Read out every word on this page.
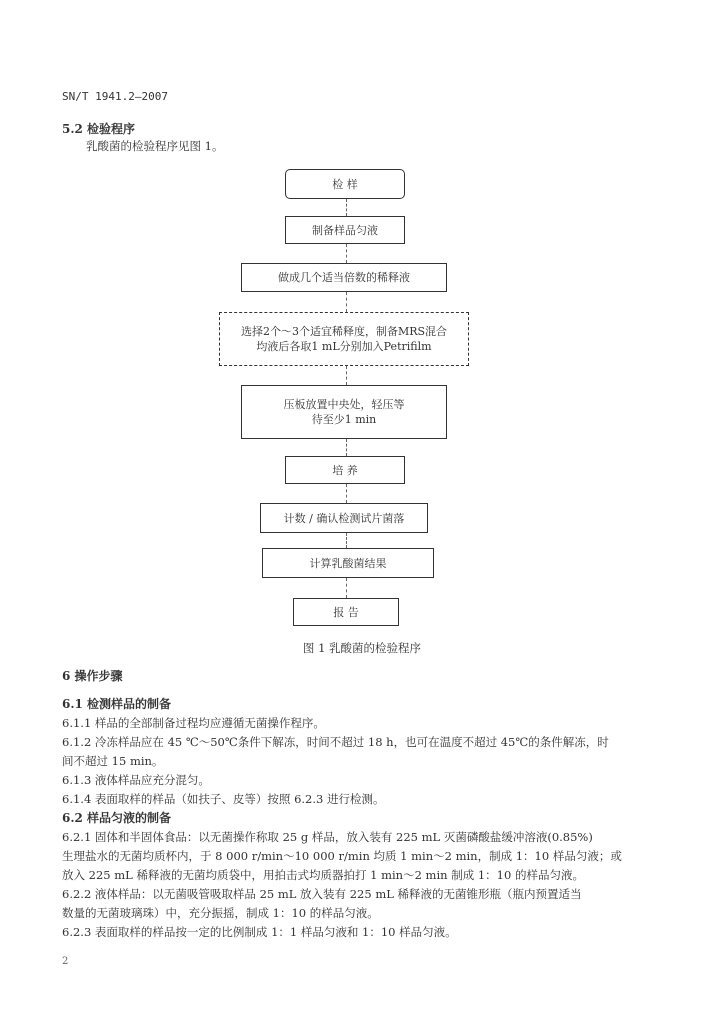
SN/T 1941.2—2007
5.2 检验程序
乳酸菌的检验程序见图 1。
检 样
制备样品匀液
做成几个适当倍数的稀释液
选择2个～3个适宜稀释度，制备MRS混合均液后各取1 mL分别加入Petrifilm
压板放置中央处，轻压等待至少1 min
培 养
计数 / 确认检测试片菌落
计算乳酸菌结果
报 告
图 1 乳酸菌的检验程序
6 操作步骤
6.1 检测样品的制备
6.1.1 样品的全部制备过程均应遵循无菌操作程序。
6.1.2 冷冻样品应在 45 ℃～50℃条件下解冻，时间不超过 18 h，也可在温度不超过 45℃的条件解冻，时
间不超过 15 min。
6.1.3 液体样品应充分混匀。
6.1.4 表面取样的样品（如扶子、皮等）按照 6.2.3 进行检测。
6.2 样品匀液的制备
6.2.1 固体和半固体食品：以无菌操作称取 25 g 样品，放入装有 225 mL 灭菌磷酸盐缓冲溶液(0.85%)
生理盐水的无菌均质杯内，于 8 000 r/min～10 000 r/min 均质 1 min～2 min，制成 1：10 样品匀液；或
放入 225 mL 稀释液的无菌均质袋中，用拍击式均质器拍打 1 min～2 min 制成 1：10 的样品匀液。
6.2.2 液体样品：以无菌吸管吸取样品 25 mL 放入装有 225 mL 稀释液的无菌锥形瓶（瓶内预置适当
数量的无菌玻璃珠）中，充分振摇，制成 1：10 的样品匀液。
6.2.3 表面取样的样品按一定的比例制成 1：1 样品匀液和 1：10 样品匀液。
2
